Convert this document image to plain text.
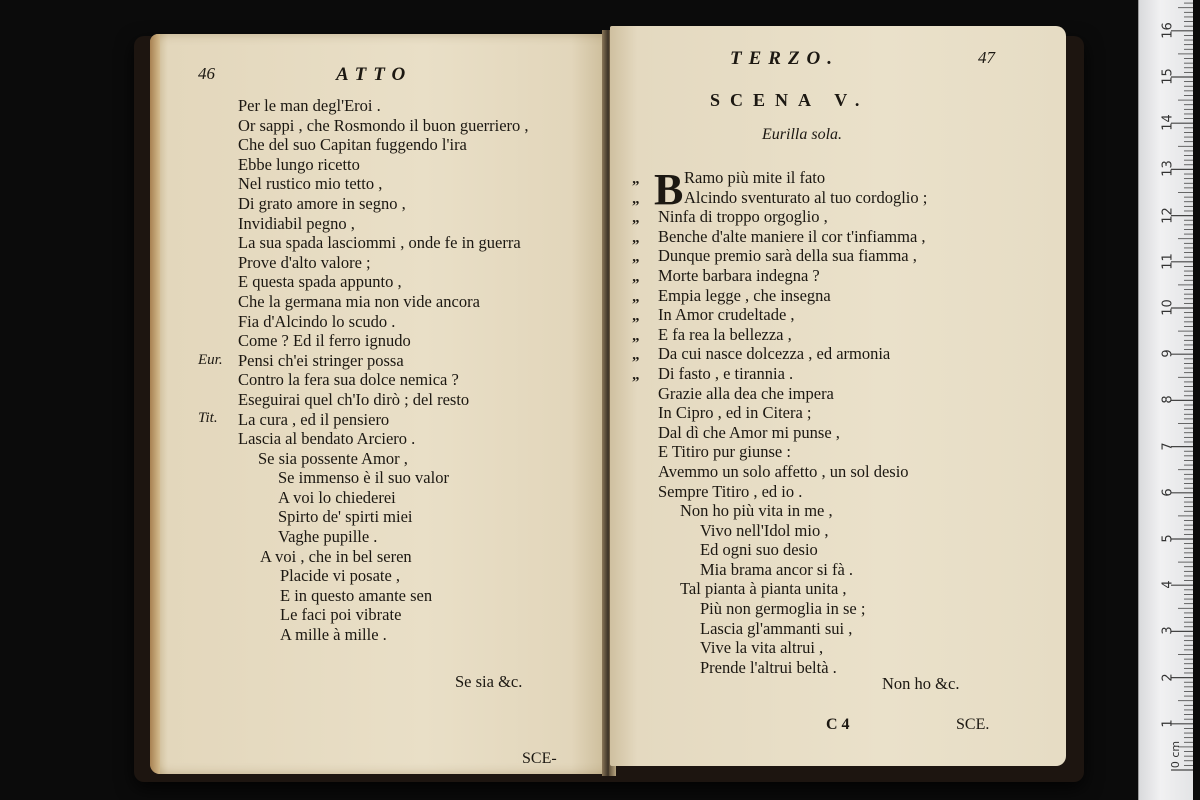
46	ATTO
Eur.
Tit.
Per le man degl'Eroi .
Or sappi , che Rosmondo il buon guerriero ,
Che del suo Capitan fuggendo l'ira
Ebbe lungo ricetto
Nel rustico mio tetto ,
Di grato amore in segno ,
Invidiabil pegno ,
La sua spada lasciommi , onde fe in guerra
Prove d'alto valore ;
E questa spada appunto ,
Che la germana mia non vide ancora
Fia d'Alcindo lo scudo .
Come ? Ed il ferro ignudo
Pensi ch'ei stringer possa
Contro la fera sua dolce nemica ?
Eseguirai quel ch'Io dirò ; del resto
La cura , ed il pensiero
Lascia al bendato Arciero .
Se sia possente Amor ,
Se immenso è il suo valor
A voi lo chiederei
Spirto de' spirti miei
Vaghe pupille .
A voi , che in bel seren
Placide vi posate ,
E in questo amante sen
Le faci poi vibrate
A mille à mille .
Se sia &c.
SCE-
TERZO.	47
SCENA V.
Eurilla sola.
„
„
„
„
„
„
„
„
„
„
„
B Ramo più mite il fato
Alcindo sventurato al tuo cordoglio ;
Ninfa di troppo orgoglio ,
Benche d'alte maniere il cor t'infiamma ,
Dunque premio sarà della sua fiamma ,
Morte barbara indegna ?
Empia legge , che insegna
In Amor crudeltade ,
E fa rea la bellezza ,
Da cui nasce dolcezza , ed armonia
Di fasto , e tirannia .
Grazie alla dea che impera
In Cipro , ed in Citera ;
Dal dì che Amor mi punse ,
E Titiro pur giunse :
Avemmo un solo affetto , un sol desio
Sempre Titiro , ed io .
Non ho più vita in me ,
Vivo nell'Idol mio ,
Ed ogni suo desio
Mia brama ancor si fà .
Tal pianta à pianta unita ,
Più non germoglia in se ;
Lascia gl'ammanti sui ,
Vive la vita altrui ,
Prende l'altrui beltà .
Non ho &c.
C 4	SCE.
0 cm
1
2
3
4
5
6
7
8
9
10
11
12
13
14
15
16
